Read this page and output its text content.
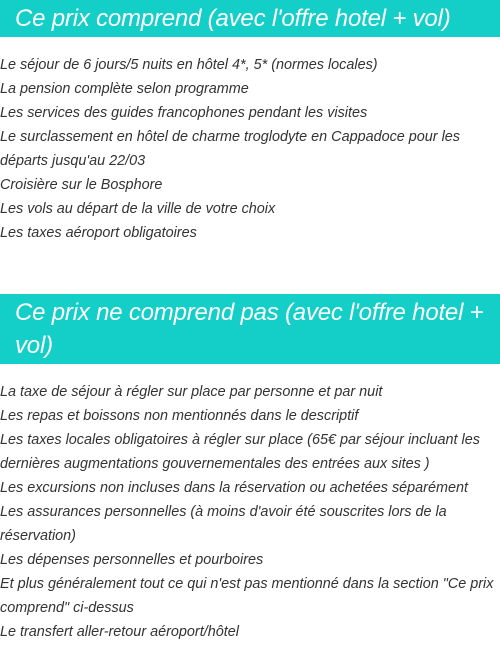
Ce prix comprend (avec l'offre hotel + vol)
Le séjour de 6 jours/5 nuits en hôtel 4*, 5* (normes locales)
La pension complète selon programme
Les services des guides francophones pendant les visites
Le surclassement en hôtel de charme troglodyte en Cappadoce pour les départs jusqu'au 22/03
Croisière sur le Bosphore
Les vols au départ de la ville de votre choix
Les taxes aéroport obligatoires
Ce prix ne comprend pas (avec l'offre hotel + vol)
La taxe de séjour à régler sur place par personne et par nuit
Les repas et boissons non mentionnés dans le descriptif
Les taxes locales obligatoires à régler sur place (65€ par séjour incluant les dernières augmentations gouvernementales des entrées aux sites )
Les excursions non incluses dans la réservation ou achetées séparément
Les assurances personnelles (à moins d'avoir été souscrites lors de la réservation)
Les dépenses personnelles et pourboires
Et plus généralement tout ce qui n'est pas mentionné dans la section "Ce prix comprend" ci-dessus
Le transfert aller-retour aéroport/hôtel
